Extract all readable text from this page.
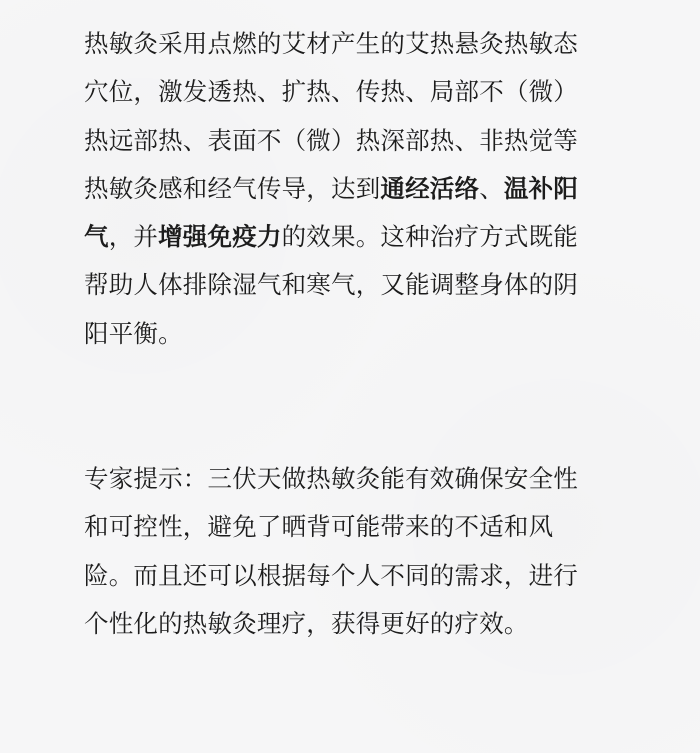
热敏灸采用点燃的艾材产生的艾热悬灸热敏态
穴位，激发透热、扩热、传热、局部不（微）
热远部热、表面不（微）热深部热、非热觉等
热敏灸感和经气传导，达到通经活络、温补阳
气，并增强免疫力的效果。这种治疗方式既能
帮助人体排除湿气和寒气，又能调整身体的阴
阳平衡。
专家提示：三伏天做热敏灸能有效确保安全性
和可控性，避免了晒背可能带来的不适和风
险。而且还可以根据每个人不同的需求，进行
个性化的热敏灸理疗，获得更好的疗效。
